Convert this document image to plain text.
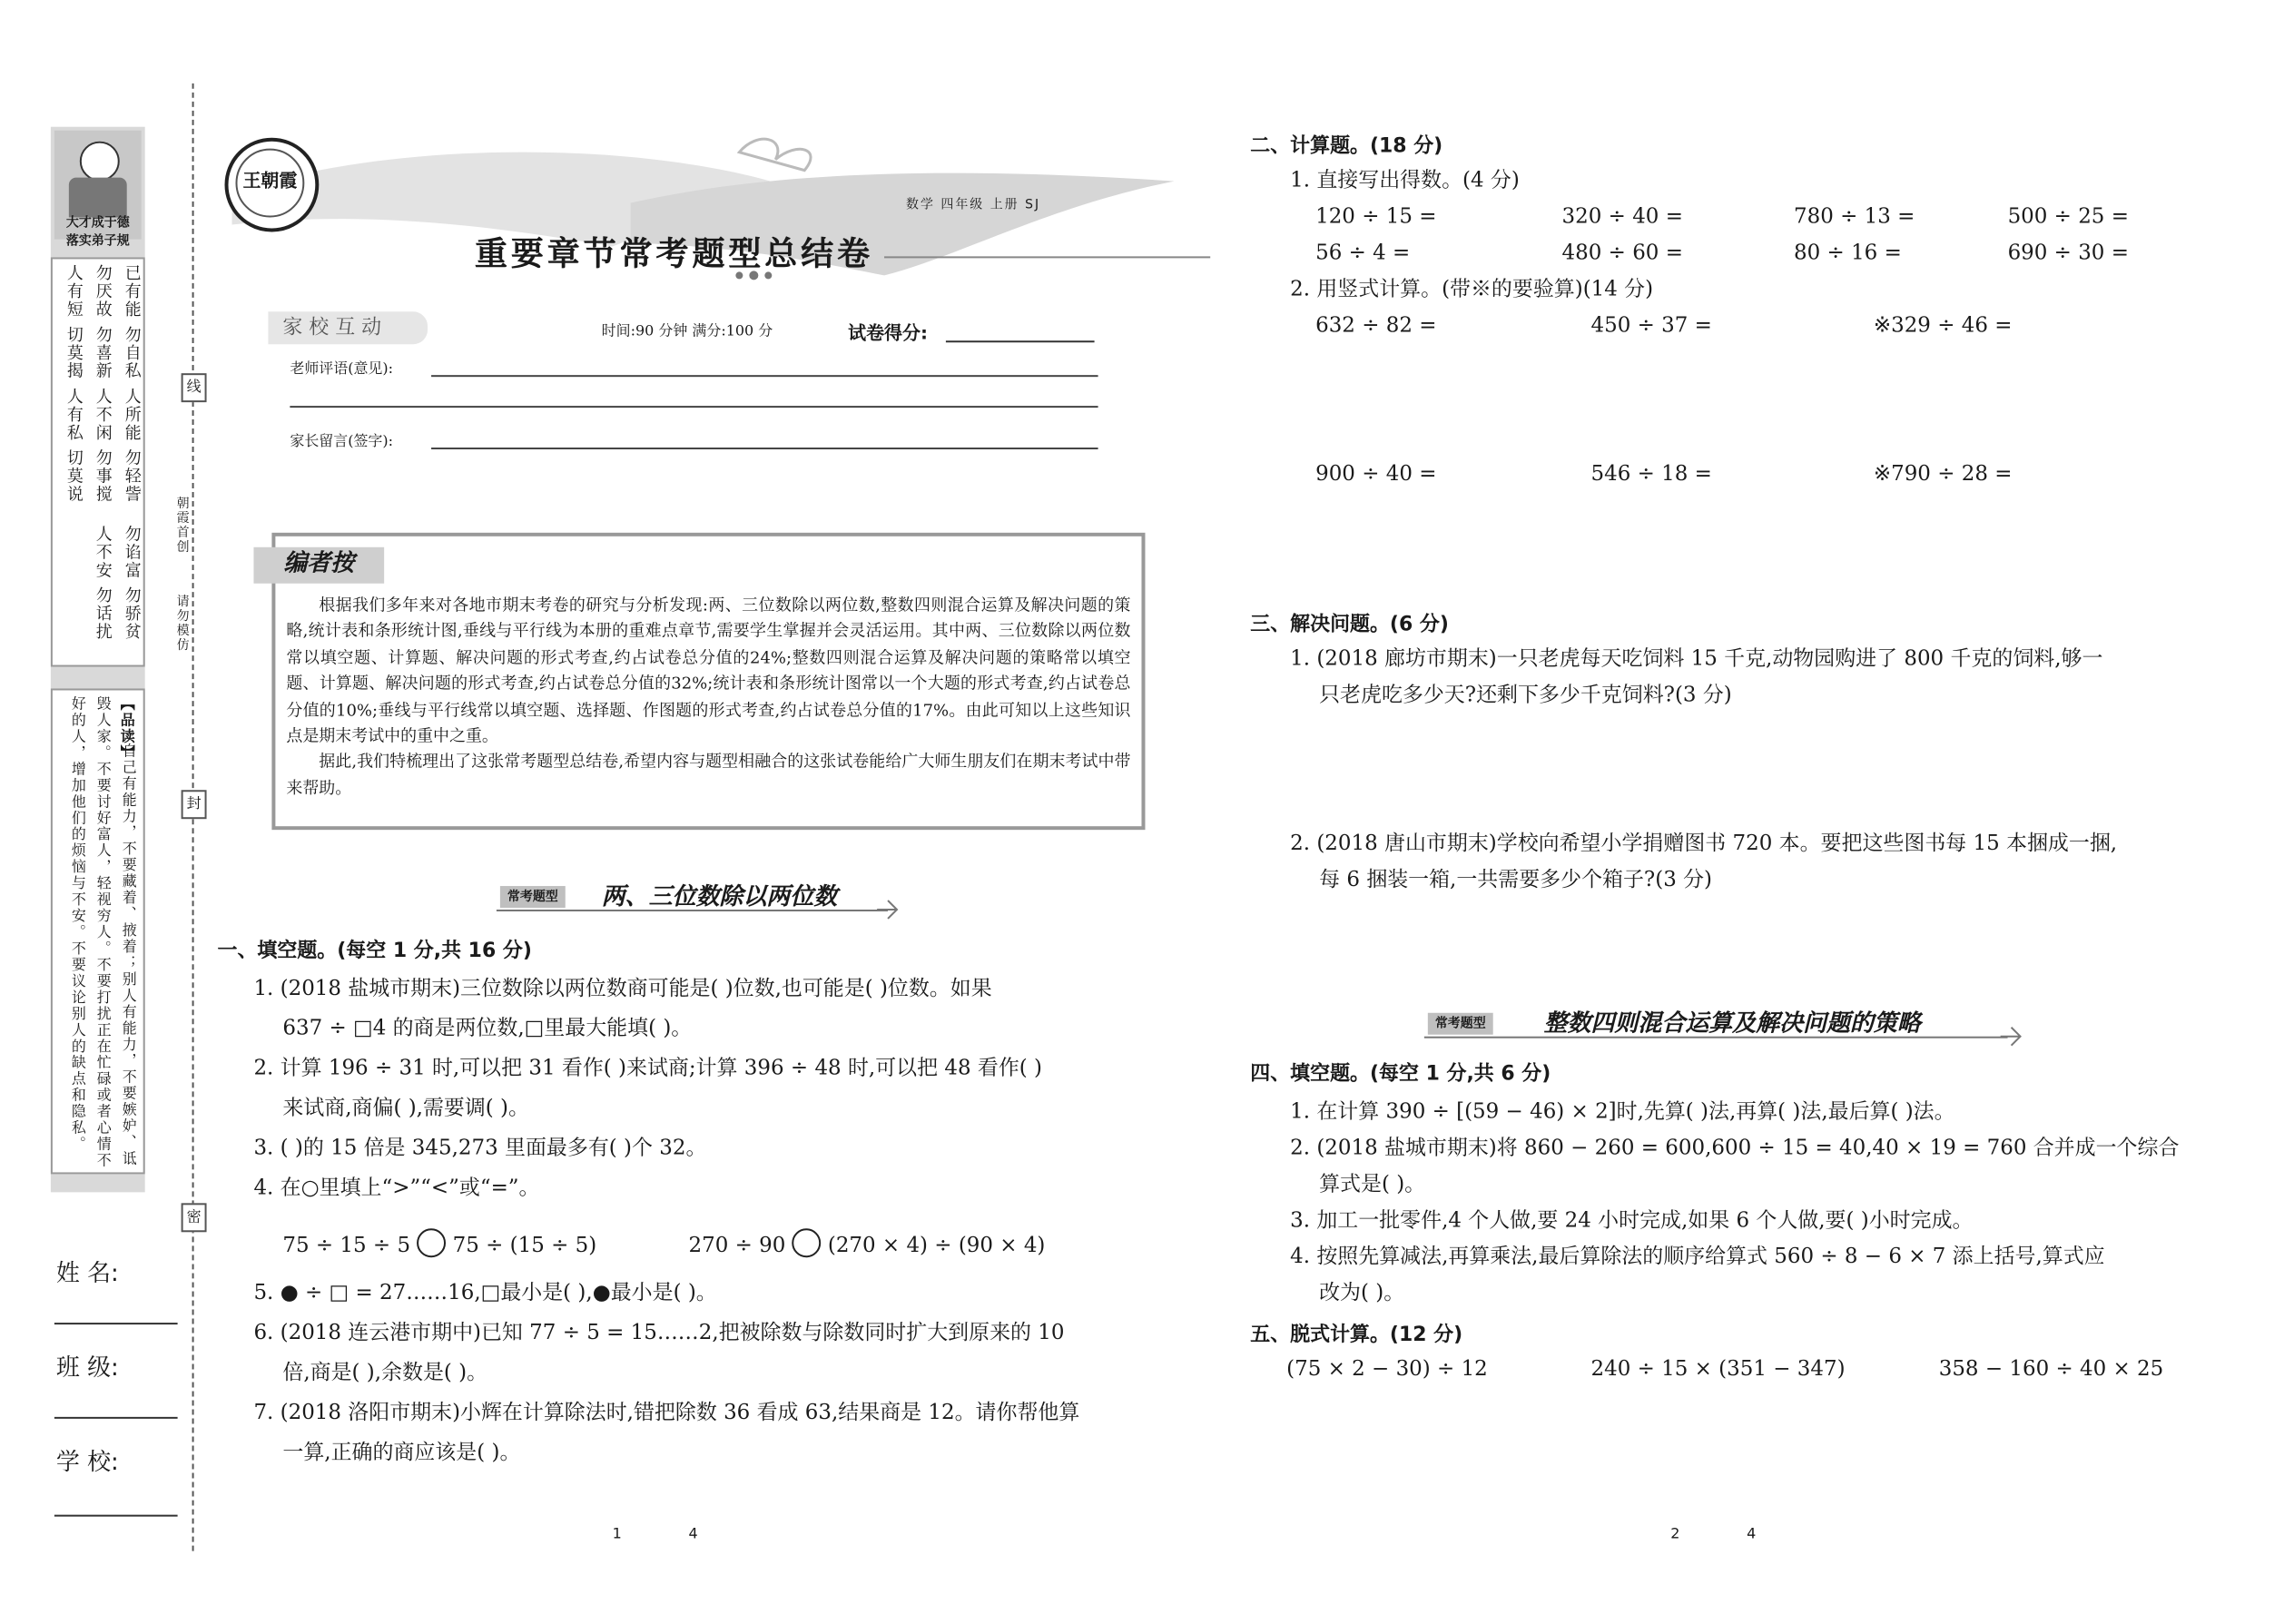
大才成于德
落实弟子规
已有能 勿自私
人所能 勿轻訾
勿谄富 勿骄贫
勿厌故 勿喜新
人不闲 勿事搅
人不安 勿话扰
人有短 切莫揭
人有私 切莫说
【品读】
自己有能力，不要藏着、掖着；别人有能力，不要嫉妒、诋
毁人家。不要讨好富人，轻视穷人。不要打扰正在忙碌或者心情不
好的人，增加他们的烦恼与不安。不要议论别人的缺点和隐私。
姓 名:
班 级:
学 校:
线
封
密
朝霞首创
请勿模仿
王朝霞
数学 四年级 上册 SJ
重要章节常考题型总结卷
家 校 互 动	时间:90 分钟 满分:100 分	试卷得分:
老师评语(意见):
家长留言(签字):
编者按

根据我们多年来对各地市期末考卷的研究与分析发现:两、三位数除以两位数,整数四则混合运算及解决问题的策略,统计表和条形统计图,垂线与平行线为本册的重难点章节,需要学生掌握并会灵活运用。其中两、三位数除以两位数常以填空题、计算题、解决问题的形式考查,约占试卷总分值的24%;整数四则混合运算及解决问题的策略常以填空题、计算题、解决问题的形式考查,约占试卷总分值的32%;统计表和条形统计图常以一个大题的形式考查,约占试卷总分值的10%;垂线与平行线常以填空题、选择题、作图题的形式考查,约占试卷总分值的17%。由此可知以上这些知识点是期末考试中的重中之重。

据此,我们特梳理出了这张常考题型总结卷,希望内容与题型相融合的这张试卷能给广大师生朋友们在期末考试中带来帮助。

常考题型	两、三位数除以两位数
一、填空题。(每空 1 分,共 16 分)
1. (2018 盐城市期末)三位数除以两位数商可能是( )位数,也可能是( )位数。如果
637 ÷ □4 的商是两位数,□里最大能填( )。
2. 计算 196 ÷ 31 时,可以把 31 看作( )来试商;计算 396 ÷ 48 时,可以把 48 看作( )
来试商,商偏( ),需要调( )。
3. ( )的 15 倍是 345,273 里面最多有( )个 32。
4. 在○里填上“>”“<”或“=”。
75 ÷ 15 ÷ 5	75 ÷ (15 ÷ 5)	270 ÷ 90	(270 × 4) ÷ (90 × 4)
5. ● ÷ □ = 27……16,□最小是( ),●最小是( )。
6. (2018 连云港市期中)已知 77 ÷ 5 = 15……2,把被除数与除数同时扩大到原来的 10
倍,商是( ),余数是( )。
7. (2018 洛阳市期末)小辉在计算除法时,错把除数 36 看成 63,结果商是 12。请你帮他算
一算,正确的商应该是( )。
二、计算题。(18 分)
1. 直接写出得数。(4 分)
120 ÷ 15 =	320 ÷ 40 =	780 ÷ 13 =	500 ÷ 25 =
56 ÷ 4 =	480 ÷ 60 =	80 ÷ 16 =	690 ÷ 30 =
2. 用竖式计算。(带※的要验算)(14 分)
632 ÷ 82 =	450 ÷ 37 =	※329 ÷ 46 =
900 ÷ 40 =	546 ÷ 18 =	※790 ÷ 28 =
三、解决问题。(6 分)
1. (2018 廊坊市期末)一只老虎每天吃饲料 15 千克,动物园购进了 800 千克的饲料,够一
只老虎吃多少天?还剩下多少千克饲料?(3 分)
2. (2018 唐山市期末)学校向希望小学捐赠图书 720 本。要把这些图书每 15 本捆成一捆,
每 6 捆装一箱,一共需要多少个箱子?(3 分)
常考题型	整数四则混合运算及解决问题的策略
四、填空题。(每空 1 分,共 6 分)
1. 在计算 390 ÷ [(59 − 46) × 2]时,先算( )法,再算( )法,最后算( )法。
2. (2018 盐城市期末)将 860 − 260 = 600,600 ÷ 15 = 40,40 × 19 = 760 合并成一个综合
算式是( )。
3. 加工一批零件,4 个人做,要 24 小时完成,如果 6 个人做,要( )小时完成。
4. 按照先算减法,再算乘法,最后算除法的顺序给算式 560 ÷ 8 − 6 × 7 添上括号,算式应
改为( )。
五、脱式计算。(12 分)
(75 × 2 − 30) ÷ 12	240 ÷ 15 × (351 − 347)	358 − 160 ÷ 40 × 25
1	4	2	4
